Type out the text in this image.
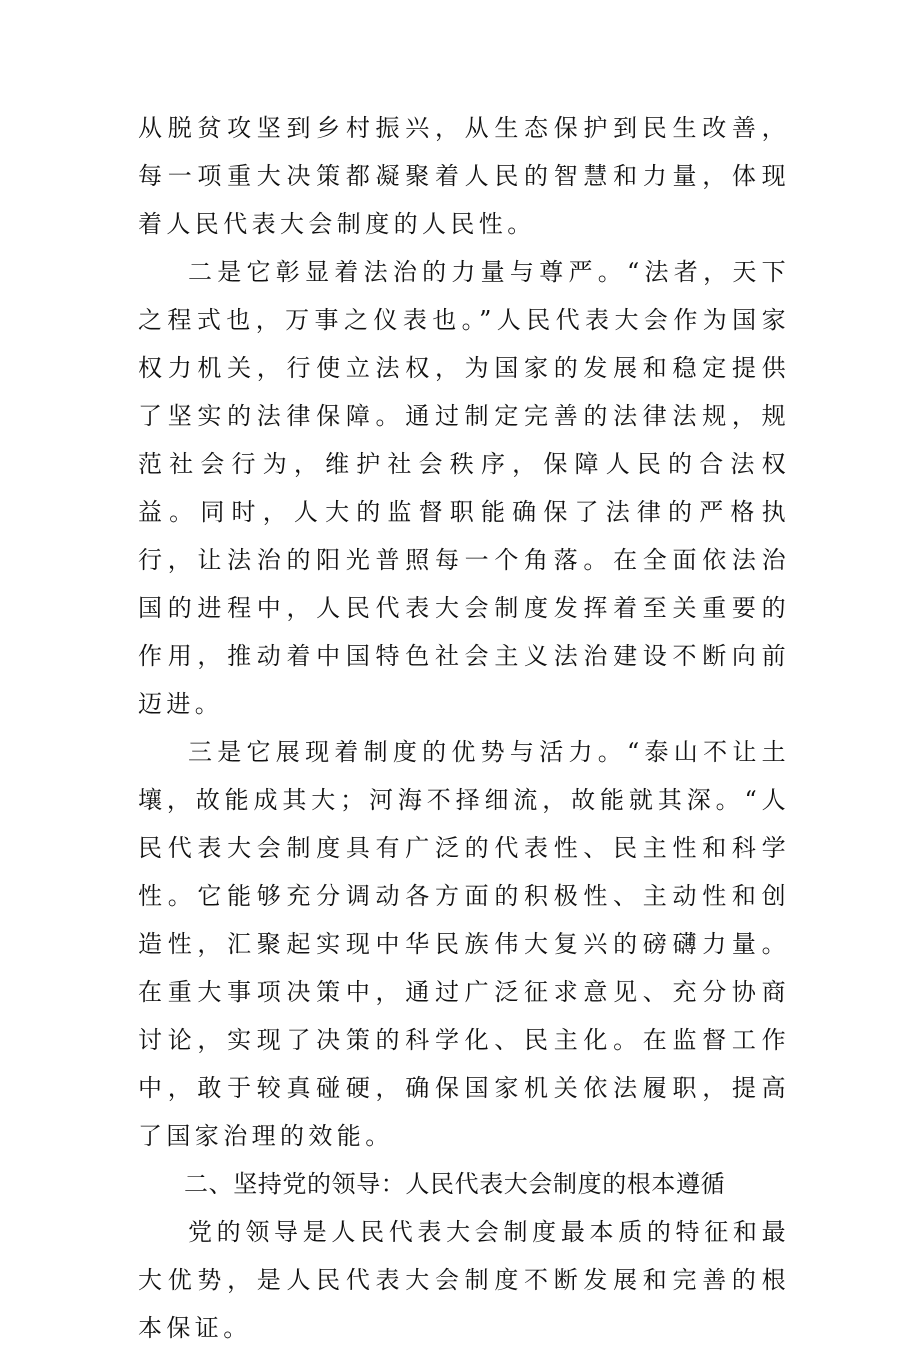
从脱贫攻坚到乡村振兴，从生态保护到民生改善，每一项重大决策都凝聚着人民的智慧和力量，体现着人民代表大会制度的人民性。

二是它彰显着法治的力量与尊严。“法者，天下之程式也，万事之仪表也。”人民代表大会作为国家权力机关，行使立法权，为国家的发展和稳定提供了坚实的法律保障。通过制定完善的法律法规，规范社会行为，维护社会秩序，保障人民的合法权益。同时，人大的监督职能确保了法律的严格执行，让法治的阳光普照每一个角落。在全面依法治国的进程中，人民代表大会制度发挥着至关重要的作用，推动着中国特色社会主义法治建设不断向前迈进。

三是它展现着制度的优势与活力。“泰山不让土壤，故能成其大；河海不择细流，故能就其深。“人民代表大会制度具有广泛的代表性、民主性和科学性。它能够充分调动各方面的积极性、主动性和创造性，汇聚起实现中华民族伟大复兴的磅礴力量。在重大事项决策中，通过广泛征求意见、充分协商讨论，实现了决策的科学化、民主化。在监督工作中，敢于较真碰硬，确保国家机关依法履职，提高了国家治理的效能。

二、坚持党的领导：人民代表大会制度的根本遵循

党的领导是人民代表大会制度最本质的特征和最大优势，是人民代表大会制度不断发展和完善的根本保证。
